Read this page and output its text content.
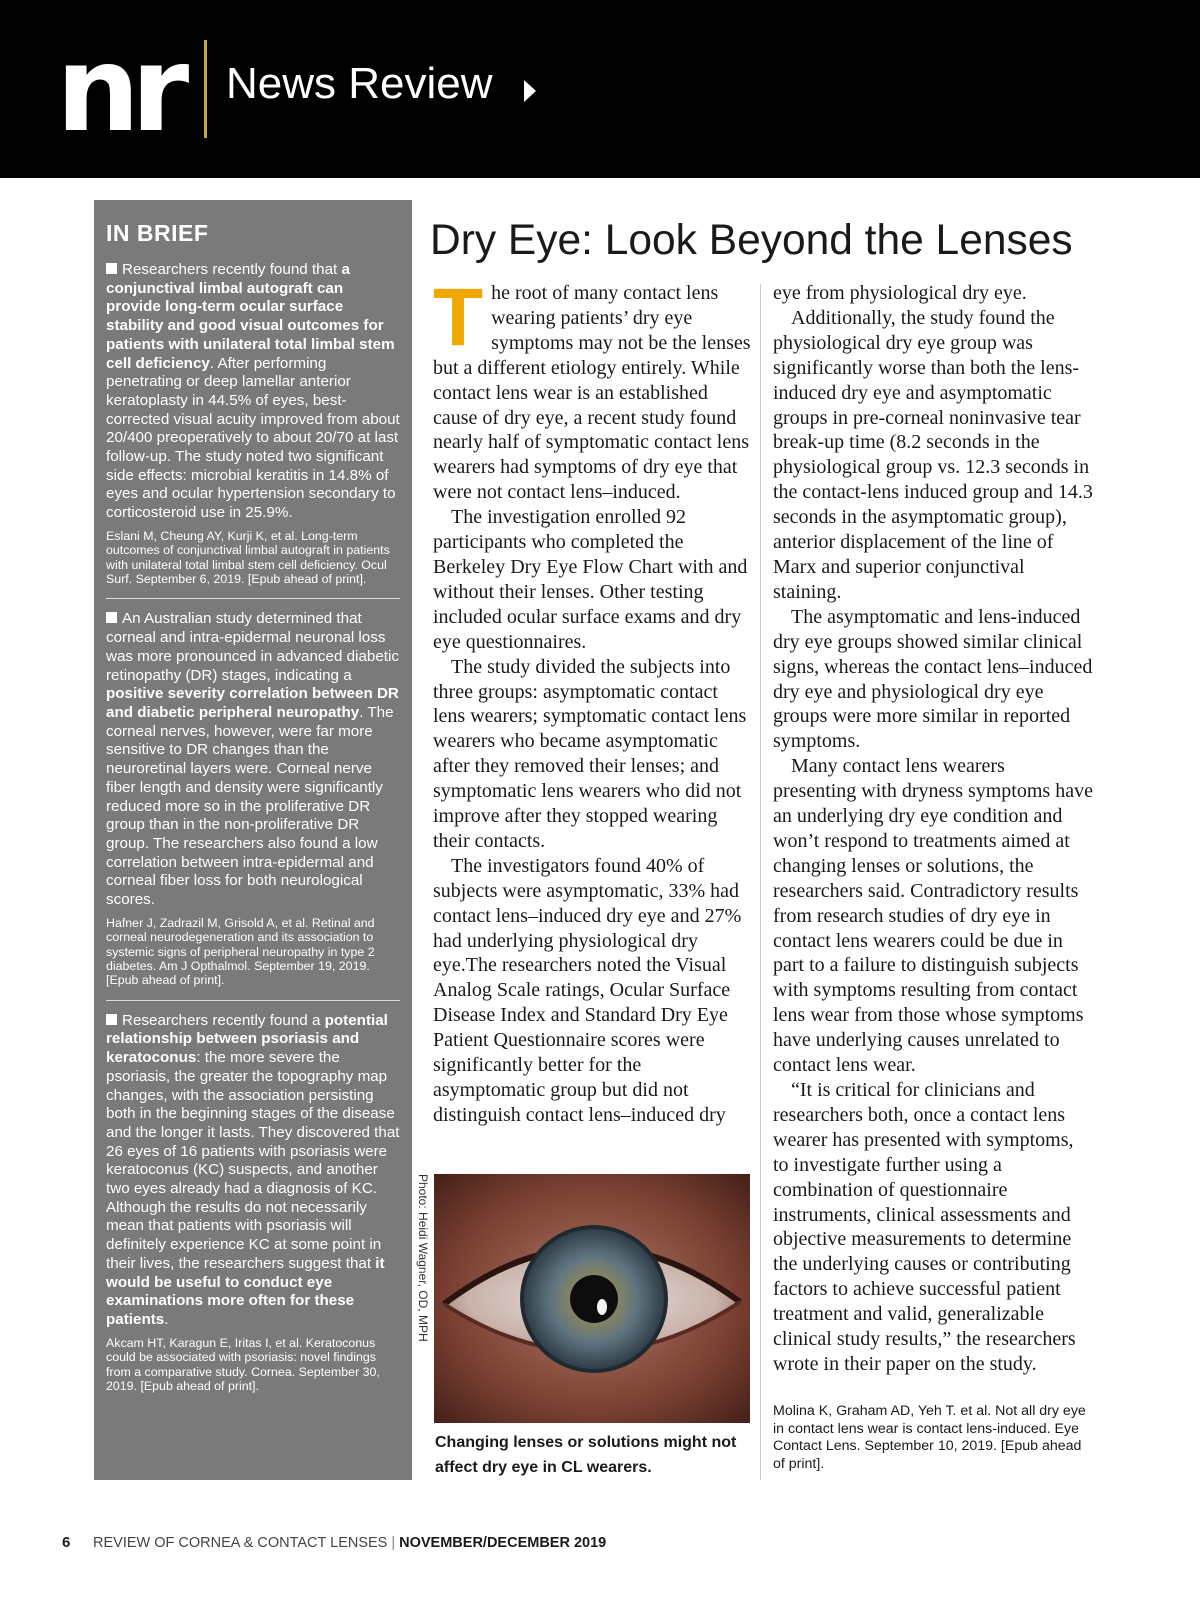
nr News Review
IN BRIEF
Researchers recently found that a conjunctival limbal autograft can provide long-term ocular surface stability and good visual outcomes for patients with unilateral total limbal stem cell deficiency. After performing penetrating or deep lamellar anterior keratoplasty in 44.5% of eyes, best-corrected visual acuity improved from about 20/400 preoperatively to about 20/70 at last follow-up. The study noted two significant side effects: microbial keratitis in 14.8% of eyes and ocular hypertension secondary to corticosteroid use in 25.9%.
Eslani M, Cheung AY, Kurji K, et al. Long-term outcomes of conjunctival limbal autograft in patients with unilateral total limbal stem cell deficiency. Ocul Surf. September 6, 2019. [Epub ahead of print].
An Australian study determined that corneal and intra-epidermal neuronal loss was more pronounced in advanced diabetic retinopathy (DR) stages, indicating a positive severity correlation between DR and diabetic peripheral neuropathy. The corneal nerves, however, were far more sensitive to DR changes than the neuroretinal layers were. Corneal nerve fiber length and density were significantly reduced more so in the proliferative DR group than in the non-proliferative DR group. The researchers also found a low correlation between intra-epidermal and corneal fiber loss for both neurological scores.
Hafner J, Zadrazil M, Grisold A, et al. Retinal and corneal neurodegeneration and its association to systemic signs of peripheral neuropathy in type 2 diabetes. Am J Opthalmol. September 19, 2019. [Epub ahead of print].
Researchers recently found a potential relationship between psoriasis and keratoconus: the more severe the psoriasis, the greater the topography map changes, with the association persisting both in the beginning stages of the disease and the longer it lasts. They discovered that 26 eyes of 16 patients with psoriasis were keratoconus (KC) suspects, and another two eyes already had a diagnosis of KC. Although the results do not necessarily mean that patients with psoriasis will definitely experience KC at some point in their lives, the researchers suggest that it would be useful to conduct eye examinations more often for these patients.
Akcam HT, Karagun E, Iritas I, et al. Keratoconus could be associated with psoriasis: novel findings from a comparative study. Cornea. September 30, 2019. [Epub ahead of print].
Dry Eye: Look Beyond the Lenses
T he root of many contact lens wearing patients’ dry eye symptoms may not be the lenses but a different etiology entirely. While contact lens wear is an established cause of dry eye, a recent study found nearly half of symptomatic contact lens wearers had symptoms of dry eye that were not contact lens–induced.

The investigation enrolled 92 participants who completed the Berkeley Dry Eye Flow Chart with and without their lenses. Other testing included ocular surface exams and dry eye questionnaires.

The study divided the subjects into three groups: asymptomatic contact lens wearers; symptomatic contact lens wearers who became asymptomatic after they removed their lenses; and symptomatic lens wearers who did not improve after they stopped wearing their contacts.

The investigators found 40% of subjects were asymptomatic, 33% had contact lens–induced dry eye and 27% had underlying physiological dry eye.The researchers noted the Visual Analog Scale ratings, Ocular Surface Disease Index and Standard Dry Eye Patient Questionnaire scores were significantly better for the asymptomatic group but did not distinguish contact lens–induced dry

eye from physiological dry eye.

Additionally, the study found the physiological dry eye group was significantly worse than both the lens-induced dry eye and asymptomatic groups in pre-corneal noninvasive tear break-up time (8.2 seconds in the physiological group vs. 12.3 seconds in the contact-lens induced group and 14.3 seconds in the asymptomatic group), anterior displacement of the line of Marx and superior conjunctival staining.

The asymptomatic and lens-induced dry eye groups showed similar clinical signs, whereas the contact lens–induced dry eye and physiological dry eye groups were more similar in reported symptoms.

Many contact lens wearers presenting with dryness symptoms have an underlying dry eye condition and won’t respond to treatments aimed at changing lenses or solutions, the researchers said. Contradictory results from research studies of dry eye in contact lens wearers could be due in part to a failure to distinguish subjects with symptoms resulting from contact lens wear from those whose symptoms have underlying causes unrelated to contact lens wear.

“It is critical for clinicians and researchers both, once a contact lens wearer has presented with symptoms, to investigate further using a combination of questionnaire instruments, clinical assessments and objective measurements to determine the underlying causes or contributing factors to achieve successful patient treatment and valid, generalizable clinical study results,” the researchers wrote in their paper on the study.

Photo: Heidi Wagner, OD, MPH
Changing lenses or solutions might not affect dry eye in CL wearers.
Molina K, Graham AD, Yeh T. et al. Not all dry eye in contact lens wear is contact lens-induced. Eye Contact Lens. September 10, 2019. [Epub ahead of print].
6 REVIEW OF CORNEA & CONTACT LENSES | NOVEMBER/DECEMBER 2019
